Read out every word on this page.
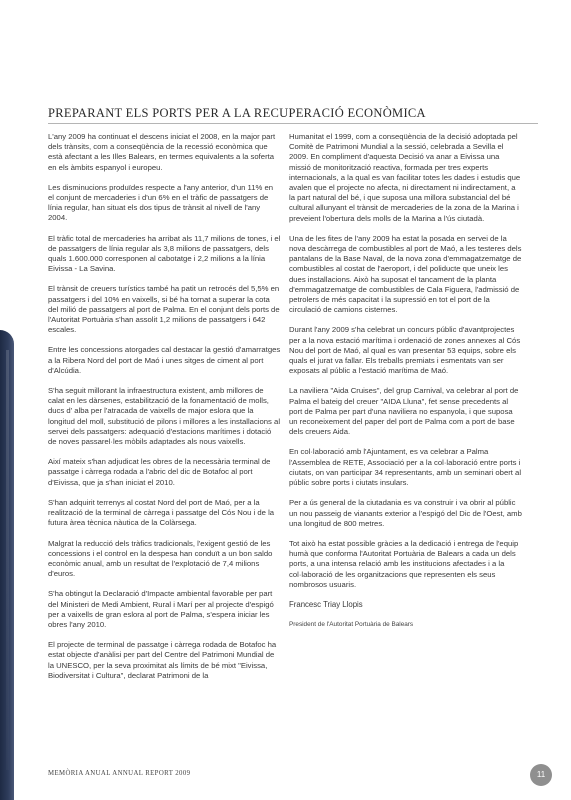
PREPARANT ELS PORTS PER A LA RECUPERACIÓ ECONÒMICA

L'any 2009 ha continuat el descens iniciat el 2008, en la major part dels trànsits, com a conseqüència de la recessió econòmica que està afectant a les Illes Balears, en termes equivalents a la soferta en els àmbits espanyol i europeu.

Les disminucions produïdes respecte a l'any anterior, d'un 11% en el conjunt de mercaderies i d'un 6% en el tràfic de passatgers de línia regular, han situat els dos tipus de trànsit al nivell de l'any 2004.

El tràfic total de mercaderies ha arribat als 11,7 milions de tones, i el de passatgers de línia regular als 3,8 milions de passatgers, dels quals 1.600.000 corresponen al cabotatge i 2,2 milions a la línia Eivissa - La Savina.

El trànsit de creuers turístics també ha patit un retrocés del 5,5% en passatgers i del 10% en vaixells, si bé ha tornat a superar la cota del milió de passatgers al port de Palma. En el conjunt dels ports de l'Autoritat Portuària s'han assolit 1,2 milions de passatgers i 642 escales.

Entre les concessions atorgades cal destacar la gestió d'amarratges a la Ribera Nord del port de Maó i unes sitges de ciment al port d'Alcúdia.

S'ha seguit millorant la infraestructura existent, amb millores de calat en les dàrsenes, estabilització de la fonamentació de molls, ducs d' alba per l'atracada de vaixells de major eslora que la longitud del moll, substitució de pilons i millores a les installacions al servei dels passatgers: adequació d'estacions marítimes i dotació de noves passarel·les mòbils adaptades als nous vaixells.

Així mateix s'han adjudicat les obres de la necessària terminal de passatge i càrrega rodada a l'abric del dic de Botafoc al port d'Eivissa, que ja s'han iniciat el 2010.

S'han adquirit terrenys al costat Nord del port de Maó, per a la realització de la terminal de càrrega i passatge del Cós Nou i de la futura àrea tècnica nàutica de la Colàrsega.

Malgrat la reducció dels tràfics tradicionals, l'exigent gestió de les concessions i el control en la despesa han conduït a un bon saldo econòmic anual, amb un resultat de l'explotació de 7,4 milions d'euros.

S'ha obtingut la Declaració d'Impacte ambiental favorable per part del Ministeri de Medi Ambient, Rural i Marí per al projecte d'espigó per a vaixells de gran eslora al port de Palma, s'espera iniciar les obres l'any 2010.

El projecte de terminal de passatge i càrrega rodada de Botafoc ha estat objecte d'anàlisi per part del Centre del Patrimoni Mundial de la UNESCO, per la seva proximitat als límits de bé mixt "Eivissa, Biodiversitat i Cultura", declarat Patrimoni de la

Humanitat el 1999, com a conseqüència de la decisió adoptada pel Comitè de Patrimoni Mundial a la sessió, celebrada a Sevilla el 2009. En compliment d'aquesta Decisió va anar a Eivissa una missió de monitorització reactiva, formada per tres experts internacionals, a la qual es van facilitar totes les dades i estudis que avalen que el projecte no afecta, ni directament ni indirectament, a la part natural del bé, i que suposa una millora substancial del bé cultural allunyant el trànsit de mercaderies de la zona de la Marina i preveient l'obertura dels molls de la Marina a l'ús ciutadà.

Una de les fites de l'any 2009 ha estat la posada en servei de la nova descàrrega de combustibles al port de Maó, a les testeres dels pantalans de la Base Naval, de la nova zona d'emmagatzematge de combustibles al costat de l'aeroport, i del poliducte que uneix les dues installacions. Això ha suposat el tancament de la planta d'emmagatzematge de combustibles de Cala Figuera, l'admissió de petrolers de més capacitat i la supressió en tot el port de la circulació de camions cisternes.

Durant l'any 2009 s'ha celebrat un concurs públic d'avantprojectes per a la nova estació marítima i ordenació de zones annexes al Cós Nou del port de Maó, al qual es van presentar 53 equips, sobre els quals el jurat va fallar. Els treballs premiats i esmentats van ser exposats al públic a l'estació marítima de Maó.

La naviliera "Aida Cruises", del grup Carnival, va celebrar al port de Palma el bateig del creuer "AIDA Lluna", fet sense precedents al port de Palma per part d'una naviliera no espanyola, i que suposa un reconeixement del paper del port de Palma com a port de base dels creuers Aida.

En col·laboració amb l'Ajuntament, es va celebrar a Palma l'Assemblea de RETE, Associació per a la col·laboració entre ports i ciutats, on van participar 34 representants, amb un seminari obert al públic sobre ports i ciutats insulars.

Per a ús general de la ciutadania es va construir i va obrir al públic un nou passeig de vianants exterior a l'espigó del Dic de l'Oest, amb una longitud de 800 metres.

Tot això ha estat possible gràcies a la dedicació i entrega de l'equip humà que conforma l'Autoritat Portuària de Balears a cada un dels ports, a una intensa relació amb les institucions afectades i a la col·laboració de les organitzacions que representen els seus nombrosos usuaris.

Francesc Triay Llopis

President de l'Autoritat Portuària de Balears

MEMÒRIA ANUAL ANNUAL REPORT 2009	11
